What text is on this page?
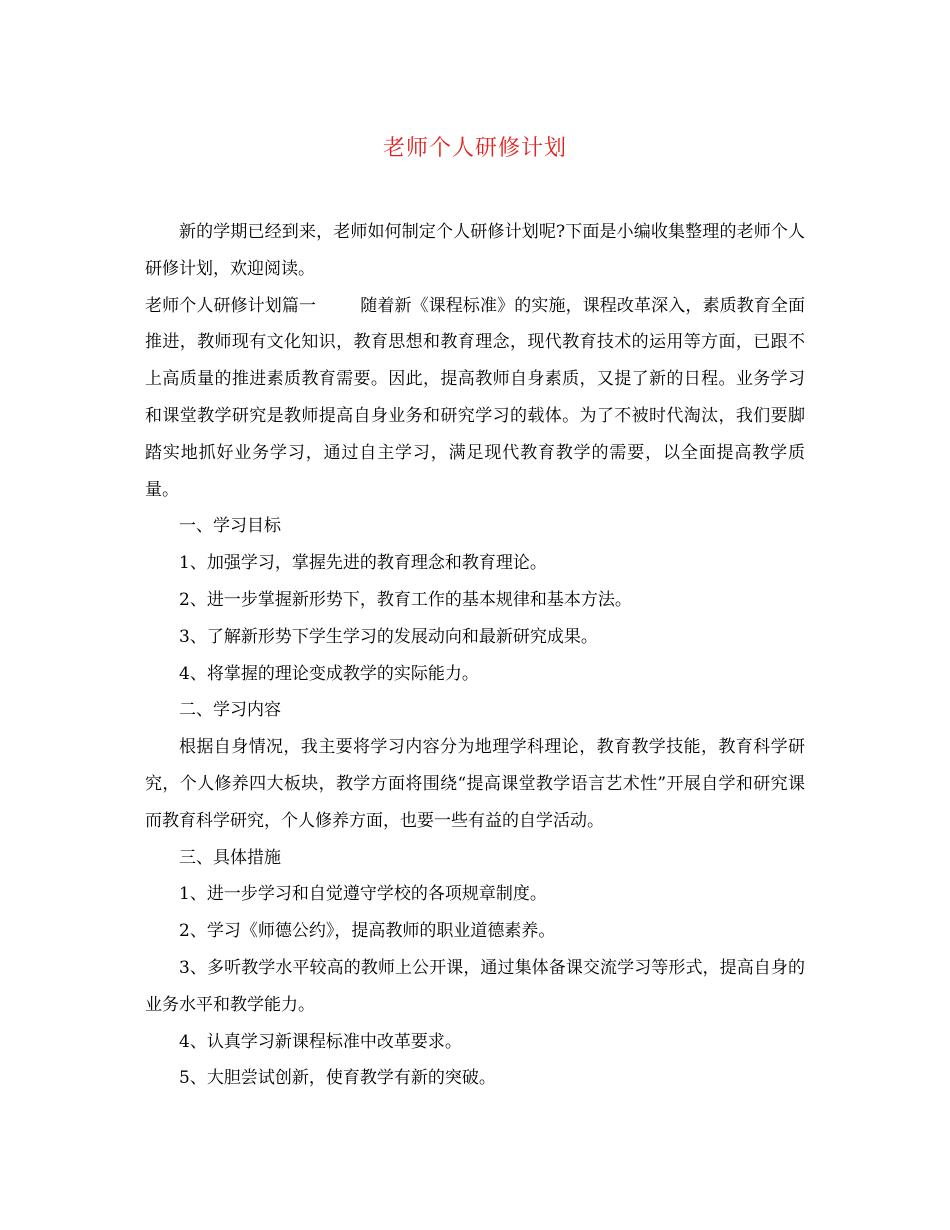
老师个人研修计划

新的学期已经到来，老师如何制定个人研修计划呢?下面是小编收集整理的老师个人研修计划，欢迎阅读。

老师个人研修计划篇一	随着新《课程标准》的实施，课程改革深入，素质教育全面推进，教师现有文化知识，教育思想和教育理念，现代教育技术的运用等方面，已跟不上高质量的推进素质教育需要。因此，提高教师自身素质，又提了新的日程。业务学习和课堂教学研究是教师提高自身业务和研究学习的载体。为了不被时代淘汰，我们要脚踏实地抓好业务学习，通过自主学习，满足现代教育教学的需要，以全面提高教学质量。

一、学习目标

1、加强学习，掌握先进的教育理念和教育理论。

2、进一步掌握新形势下，教育工作的基本规律和基本方法。

3、了解新形势下学生学习的发展动向和最新研究成果。

4、将掌握的理论变成教学的实际能力。

二、学习内容

根据自身情况，我主要将学习内容分为地理学科理论，教育教学技能，教育科学研究，个人修养四大板块，教学方面将围绕“提高课堂教学语言艺术性”开展自学和研究课而教育科学研究，个人修养方面，也要一些有益的自学活动。

三、具体措施

1、进一步学习和自觉遵守学校的各项规章制度。

2、学习《师德公约》，提高教师的职业道德素养。

3、多听教学水平较高的教师上公开课，通过集体备课交流学习等形式，提高自身的业务水平和教学能力。

4、认真学习新课程标准中改革要求。

5、大胆尝试创新，使育教学有新的突破。
